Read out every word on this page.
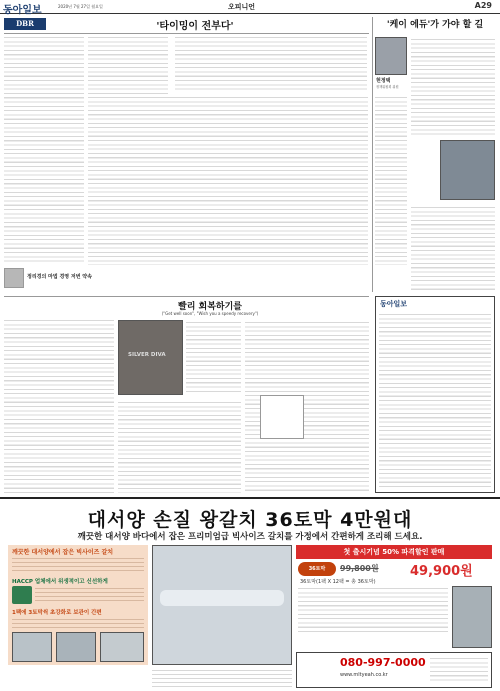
동아일보	2020년 7월 27일 월요일	오피니언	A29
DBR	'타이밍이 전부다'
정리경의 마법 경영 저번 약속
'케이 에듀'가 가야 할 길
현정택
정책위원회 위원
빨리 회복하기를
("Get well soon", "Wish you a speedy recovery")
SILVER DIVA
동아일보
대서양 손질 왕갈치 36토막 4만원대
깨끗한 대서양 바다에서 잡은 프리미엄급 빅사이즈 갈치를 가정에서 간편하게 조리해 드세요.
깨끗한 대서양에서 잡은 빅사이즈 갈치
HACCP 업체에서 위생적이고 신선하게
1팩에 3토막씩 초강화로 보관이 간편
첫 출시기념 50% 파격할인 판매
36토막	99,800원 49,900원
36토막(1팩 X 12팩 = 총 36토막)
080-997-0000
www.mltyeah.co.kr
